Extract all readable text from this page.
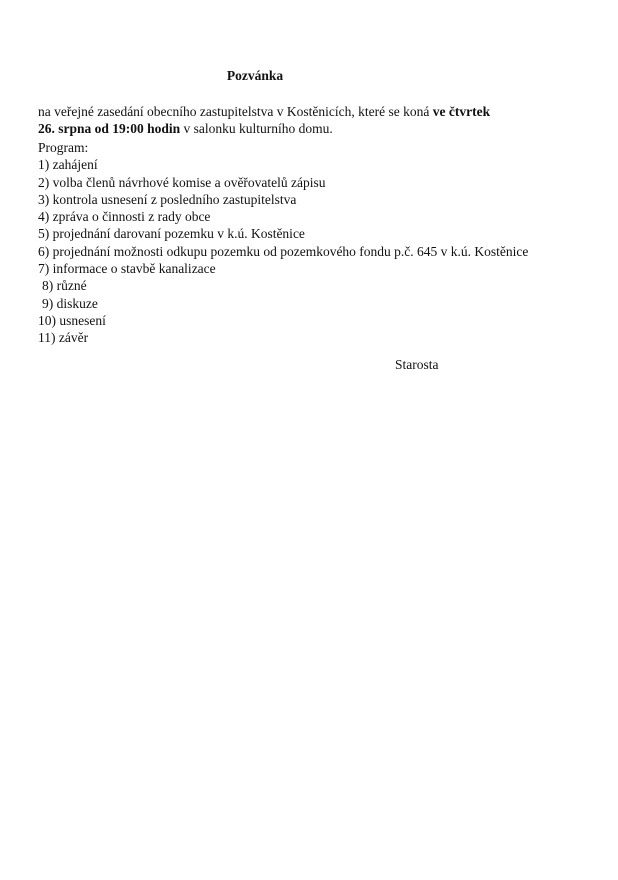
Pozvánka
na veřejné zasedání obecního zastupitelstva v Kostěnicích, které se koná ve čtvrtek
26. srpna od 19:00 hodin v salonku kulturního domu.
Program:
1) zahájení
2) volba členů návrhové komise a ověřovatelů zápisu
3) kontrola usnesení z posledního zastupitelstva
4) zpráva o činnosti z rady obce
5) projednání darovaní pozemku v k.ú. Kostěnice
6) projednání možnosti odkupu pozemku od pozemkového fondu p.č. 645 v k.ú. Kostěnice
7) informace o stavbě kanalizace
8) různé
9) diskuze
10) usnesení
11) závěr
Starosta
